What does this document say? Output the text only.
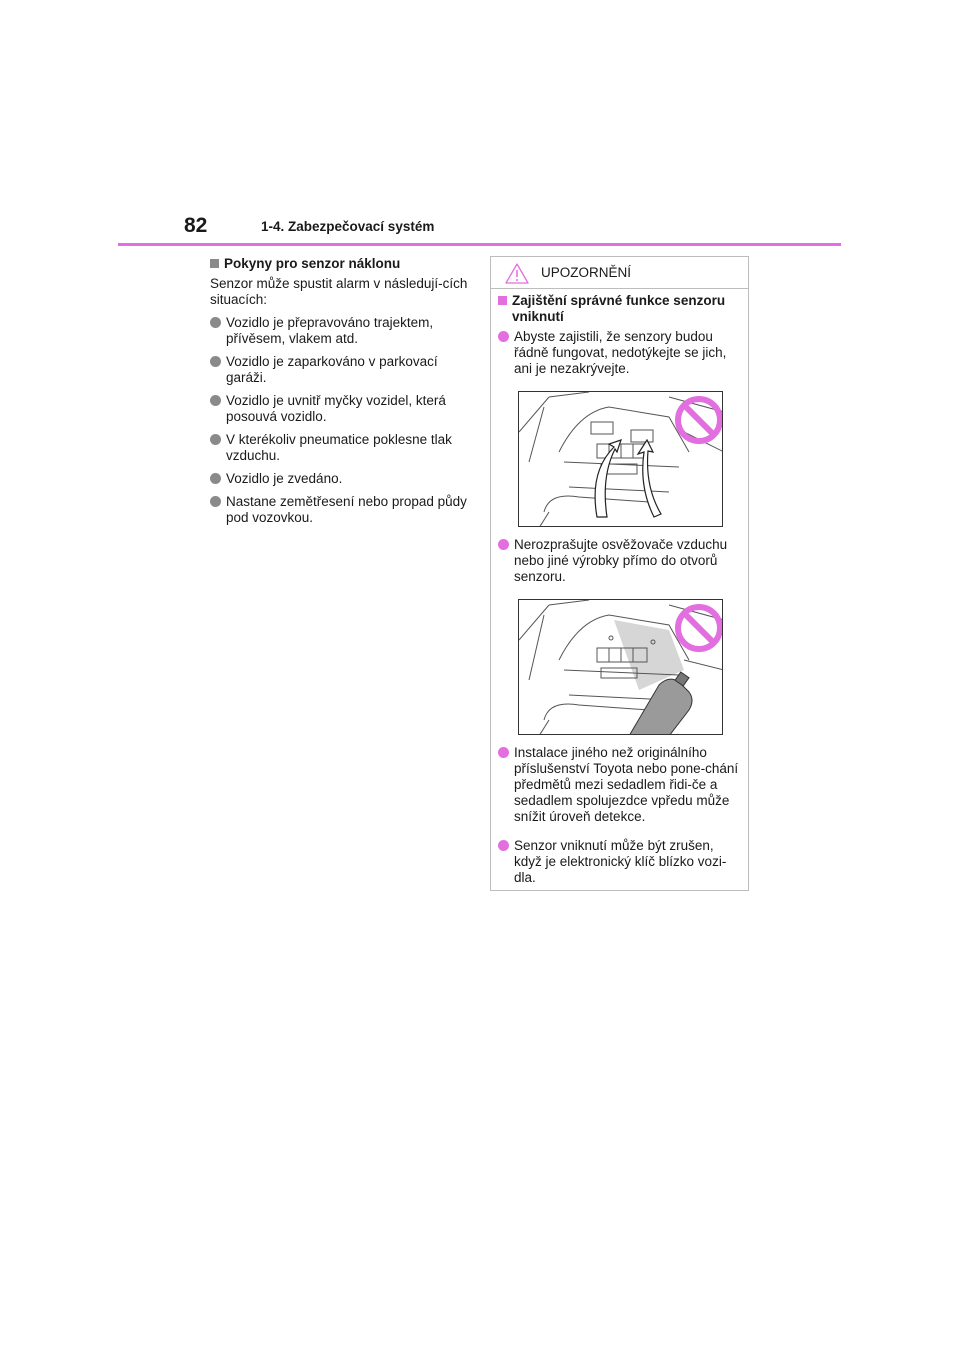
82	1-4. Zabezpečovací systém

Pokyny pro senzor náklonu

Senzor může spustit alarm v následují-cích situacích:

Vozidlo je přepravováno trajektem, přívěsem, vlakem atd.
Vozidlo je zaparkováno v parkovací garáži.
Vozidlo je uvnitř myčky vozidel, která posouvá vozidlo.
V kterékoliv pneumatice poklesne tlak vzduchu.
Vozidlo je zvedáno.
Nastane zemětřesení nebo propad půdy pod vozovkou.
UPOZORNĚNÍ

Zajištění správné funkce senzoru vniknutí

Abyste zajistili, že senzory budou řádně fungovat, nedotýkejte se jich, ani je nezakrývejte.
Nerozprašujte osvěžovače vzduchu nebo jiné výrobky přímo do otvorů senzoru.
Instalace jiného než originálního příslušenství Toyota nebo pone-chání předmětů mezi sedadlem řidi-če a sedadlem spolujezdce vpředu může snížit úroveň detekce.
Senzor vniknutí může být zrušen, když je elektronický klíč blízko vozi-dla.
